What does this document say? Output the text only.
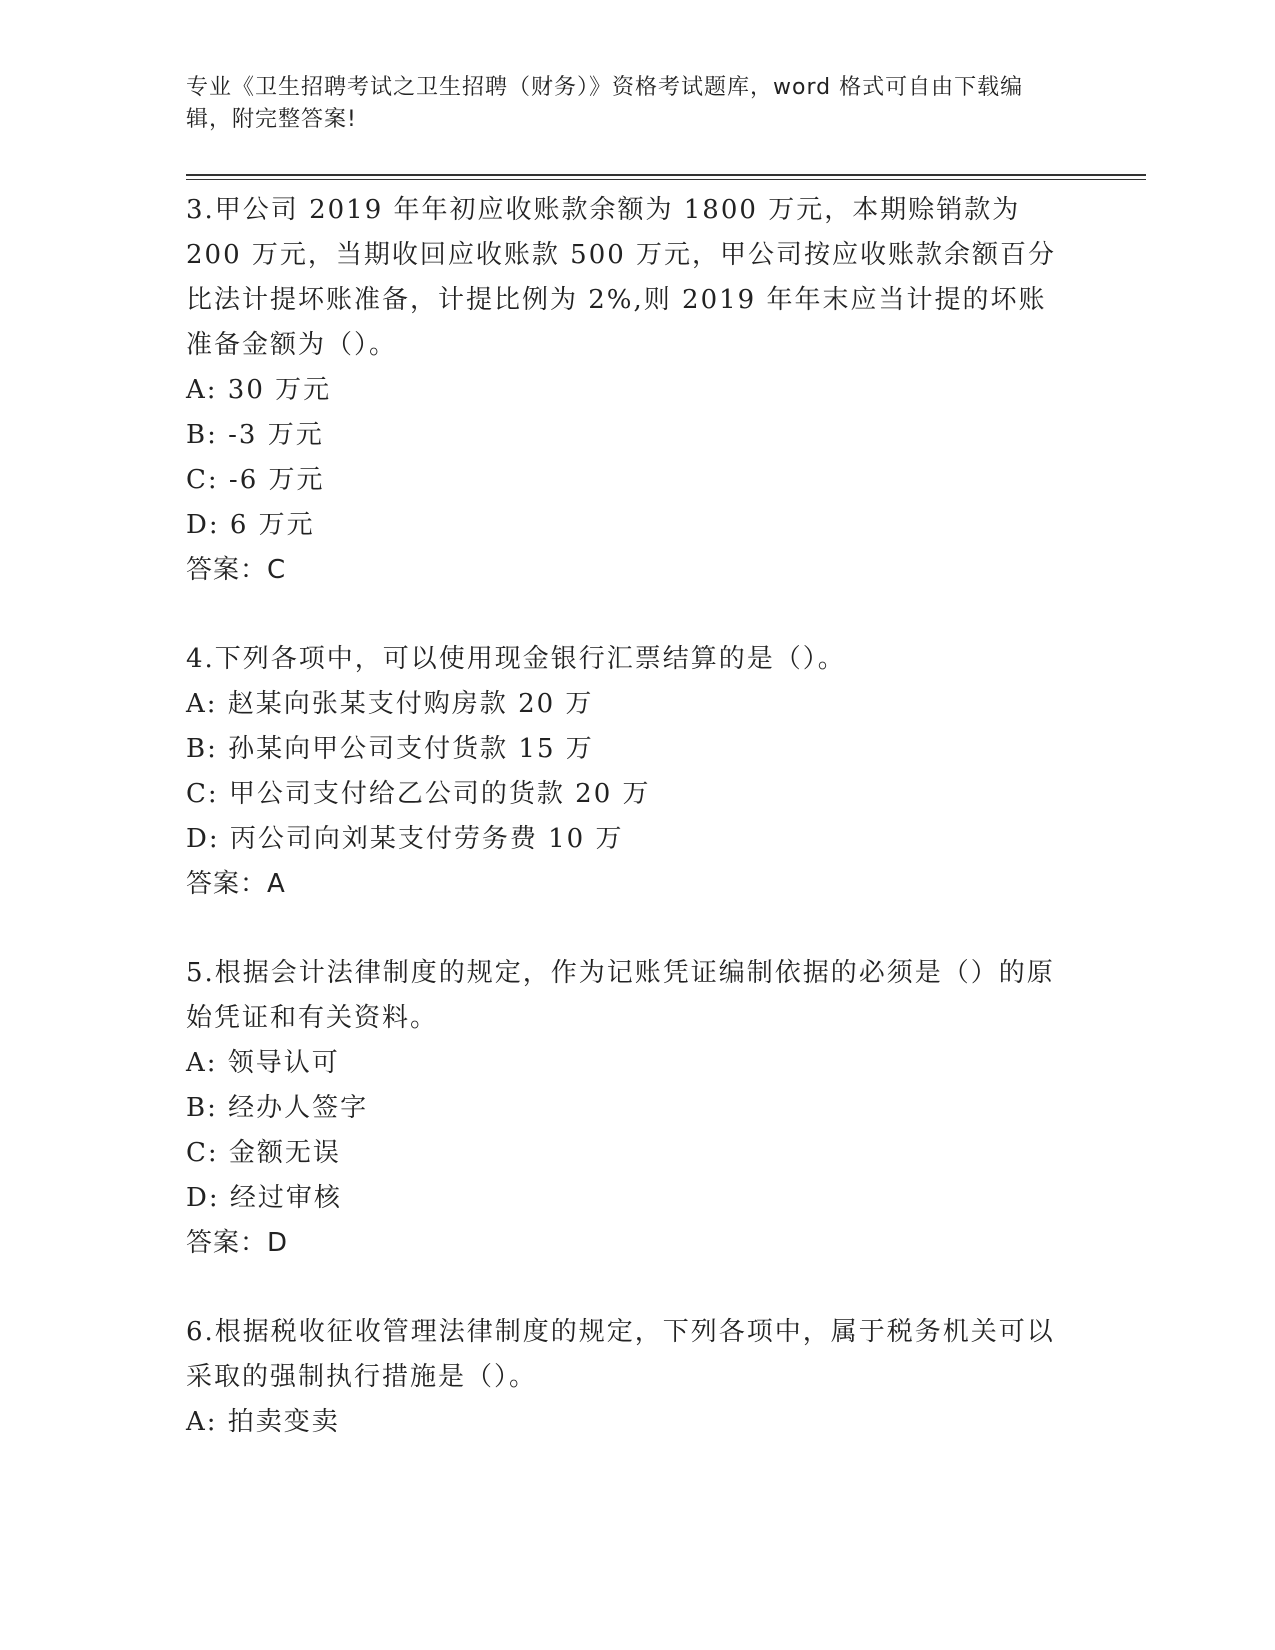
专业《卫生招聘考试之卫生招聘（财务）》资格考试题库，word 格式可自由下载编辑，附完整答案!

3.甲公司 2019 年年初应收账款余额为 1800 万元，本期赊销款为 200 万元，当期收回应收账款 500 万元，甲公司按应收账款余额百分比法计提坏账准备，计提比例为 2%,则 2019 年年末应当计提的坏账准备金额为（）。

A: 30 万元

B: -3 万元

C: -6 万元

D: 6 万元

答案：C

4.下列各项中，可以使用现金银行汇票结算的是（）。

A: 赵某向张某支付购房款 20 万

B: 孙某向甲公司支付货款 15 万

C: 甲公司支付给乙公司的货款 20 万

D: 丙公司向刘某支付劳务费 10 万

答案：A

5.根据会计法律制度的规定，作为记账凭证编制依据的必须是（）的原始凭证和有关资料。

A: 领导认可

B: 经办人签字

C: 金额无误

D: 经过审核

答案：D

6.根据税收征收管理法律制度的规定，下列各项中，属于税务机关可以采取的强制执行措施是（）。

A: 拍卖变卖
